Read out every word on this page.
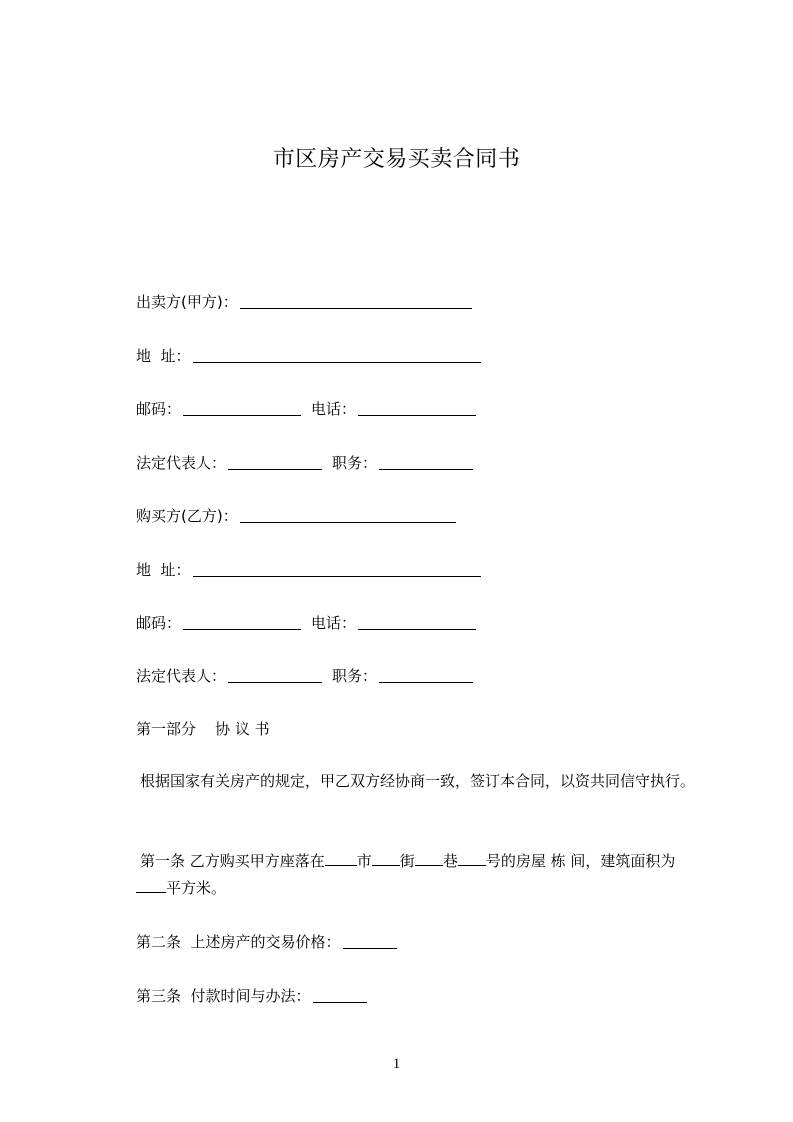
市区房产交易买卖合同书
出卖方(甲方)：
地  址：
邮码：	电话：
法定代表人：	职务：
购买方(乙方)：
地  址：
邮码：	电话：
法定代表人：	职务：
第一部分    协 议 书
根据国家有关房产的规定，甲乙双方经协商一致，签订本合同，以资共同信守执行。
第一条 乙方购买甲方座落在 市 街 巷 号的房屋 栋 间，建筑面积为平方米。
第二条  上述房产的交易价格：
第三条  付款时间与办法：
1
